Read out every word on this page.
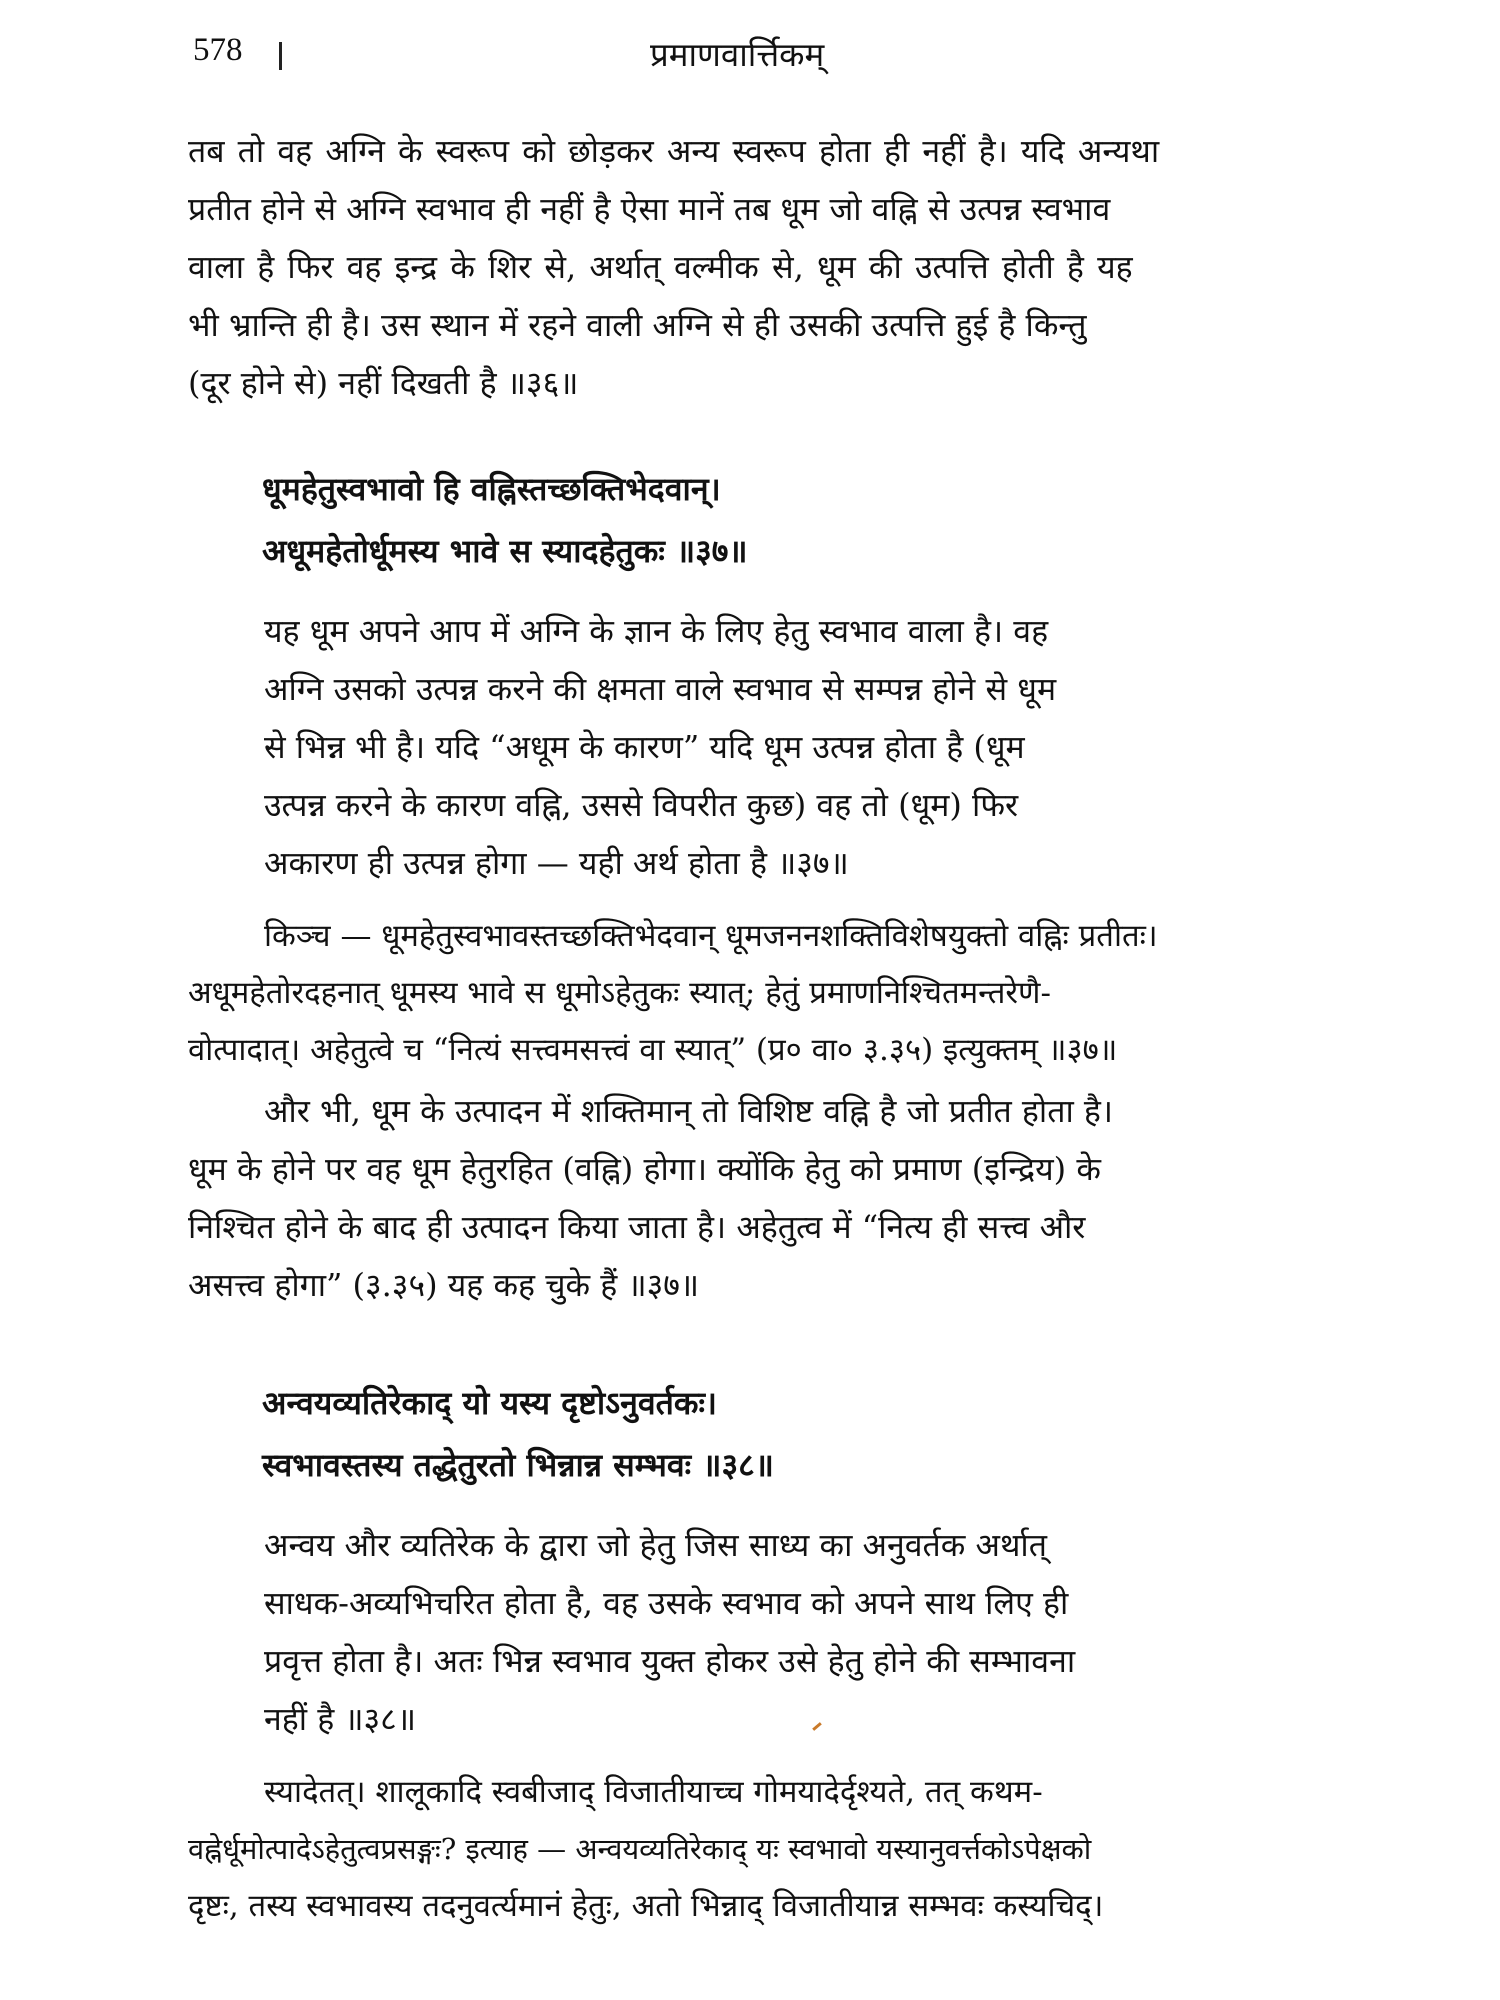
578	प्रमाणवार्त्तिकम्
तब तो वह अग्नि के स्वरूप को छोड़कर अन्य स्वरूप होता ही नहीं है। यदि अन्यथा
प्रतीत होने से अग्नि स्वभाव ही नहीं है ऐसा मानें तब धूम जो वह्नि से उत्पन्न स्वभाव
वाला है फिर वह इन्द्र के शिर से, अर्थात् वल्मीक से, धूम की उत्पत्ति होती है यह
भी भ्रान्ति ही है। उस स्थान में रहने वाली अग्नि से ही उसकी उत्पत्ति हुई है किन्तु
(दूर होने से) नहीं दिखती है ॥३६॥
धूमहेतुस्वभावो हि वह्निस्तच्छक्तिभेदवान्।
अधूमहेतोर्धूमस्य भावे स स्यादहेतुकः ॥३७॥
यह धूम अपने आप में अग्नि के ज्ञान के लिए हेतु स्वभाव वाला है। वह
अग्नि उसको उत्पन्न करने की क्षमता वाले स्वभाव से सम्पन्न होने से धूम
से भिन्न भी है। यदि “अधूम के कारण” यदि धूम उत्पन्न होता है (धूम
उत्पन्न करने के कारण वह्नि, उससे विपरीत कुछ) वह तो (धूम) फिर
अकारण ही उत्पन्न होगा — यही अर्थ होता है ॥३७॥
किञ्च — धूमहेतुस्वभावस्तच्छक्तिभेदवान् धूमजननशक्तिविशेषयुक्तो वह्निः प्रतीतः।
अधूमहेतोरदहनात् धूमस्य भावे स धूमोऽहेतुकः स्यात्; हेतुं प्रमाणनिश्चितमन्तरेणै-
वोत्पादात्। अहेतुत्वे च “नित्यं सत्त्वमसत्त्वं वा स्यात्” (प्र० वा० ३.३५) इत्युक्तम् ॥३७॥
और भी, धूम के उत्पादन में शक्तिमान् तो विशिष्ट वह्नि है जो प्रतीत होता है।
धूम के होने पर वह धूम हेतुरहित (वह्नि) होगा। क्योंकि हेतु को प्रमाण (इन्द्रिय) के
निश्चित होने के बाद ही उत्पादन किया जाता है। अहेतुत्व में “नित्य ही सत्त्व और
असत्त्व होगा” (३.३५) यह कह चुके हैं ॥३७॥
अन्वयव्यतिरेकाद् यो यस्य दृष्टोऽनुवर्तकः।
स्वभावस्तस्य तद्धेतुरतो भिन्नान्न सम्भवः ॥३८॥
अन्वय और व्यतिरेक के द्वारा जो हेतु जिस साध्य का अनुवर्तक अर्थात्
साधक-अव्यभिचरित होता है, वह उसके स्वभाव को अपने साथ लिए ही
प्रवृत्त होता है। अतः भिन्न स्वभाव युक्त होकर उसे हेतु होने की सम्भावना
नहीं है ॥३८॥
स्यादेतत्। शालूकादि स्वबीजाद् विजातीयाच्च गोमयादेर्दृश्यते, तत् कथम-
वह्नेर्धूमोत्पादेऽहेतुत्वप्रसङ्गः? इत्याह — अन्वयव्यतिरेकाद् यः स्वभावो यस्यानुवर्त्तकोऽपेक्षको
दृष्टः, तस्य स्वभावस्य तदनुवर्त्यमानं हेतुः, अतो भिन्नाद् विजातीयान्न सम्भवः कस्यचिद्।
